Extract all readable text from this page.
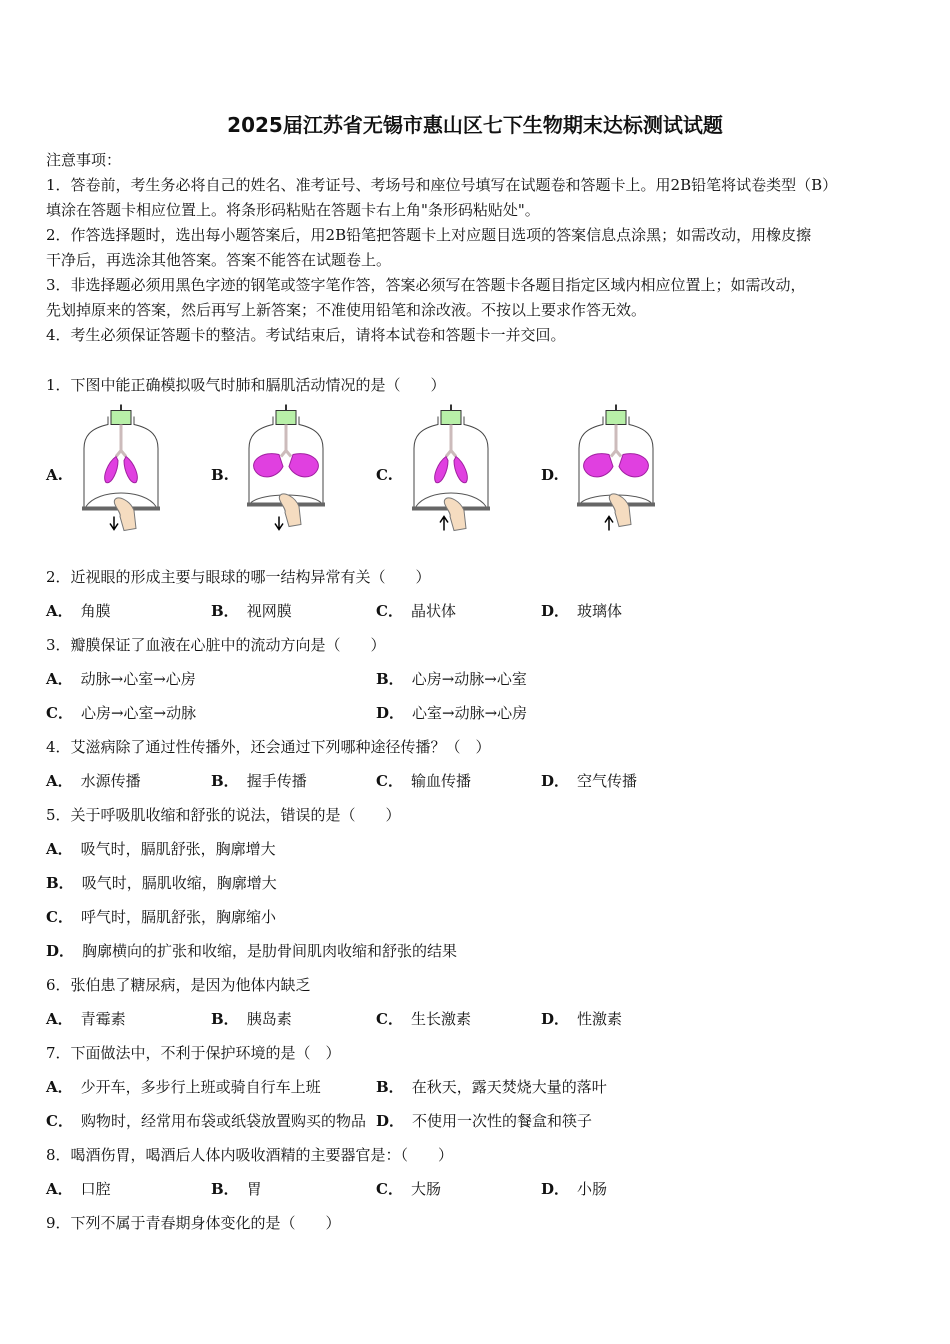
2025届江苏省无锡市惠山区七下生物期末达标测试试题
注意事项：
1．答卷前，考生务必将自己的姓名、准考证号、考场号和座位号填写在试题卷和答题卡上。用2B铅笔将试卷类型（B）
填涂在答题卡相应位置上。将条形码粘贴在答题卡右上角"条形码粘贴处"。
2．作答选择题时，选出每小题答案后，用2B铅笔把答题卡上对应题目选项的答案信息点涂黑；如需改动，用橡皮擦
干净后，再选涂其他答案。答案不能答在试题卷上。
3．非选择题必须用黑色字迹的钢笔或签字笔作答，答案必须写在答题卡各题目指定区域内相应位置上；如需改动，
先划掉原来的答案，然后再写上新答案；不准使用铅笔和涂改液。不按以上要求作答无效。
4．考生必须保证答题卡的整洁。考试结束后，请将本试卷和答题卡一并交回。
1．下图中能正确模拟吸气时肺和膈肌活动情况的是（　　）
A.	B.	C.	D.
2．近视眼的形成主要与眼球的哪一结构异常有关（　　）
A． 角膜	B． 视网膜	C． 晶状体	D． 玻璃体
3．瓣膜保证了血液在心脏中的流动方向是（　　）
A． 动脉→心室→心房	B． 心房→动脉→心室
C． 心房→心室→动脉	D． 心室→动脉→心房
4．艾滋病除了通过性传播外，还会通过下列哪种途径传播？（　）
A． 水源传播	B． 握手传播	C． 输血传播	D． 空气传播
5．关于呼吸肌收缩和舒张的说法，错误的是（　　）
A． 吸气时，膈肌舒张，胸廓增大
B． 吸气时，膈肌收缩，胸廓增大
C． 呼气时，膈肌舒张，胸廓缩小
D． 胸廓横向的扩张和收缩，是肋骨间肌肉收缩和舒张的结果
6．张伯患了糖尿病，是因为他体内缺乏
A． 青霉素	B． 胰岛素	C． 生长激素	D． 性激素
7．下面做法中，不利于保护环境的是（　）
A． 少开车，多步行上班或骑自行车上班	B． 在秋天，露天焚烧大量的落叶
C． 购物时，经常用布袋或纸袋放置购买的物品 D． 不使用一次性的餐盒和筷子
8．喝酒伤胃，喝酒后人体内吸收酒精的主要器官是：（　　）
A． 口腔	B． 胃	C． 大肠	D． 小肠
9．下列不属于青春期身体变化的是（　　）
